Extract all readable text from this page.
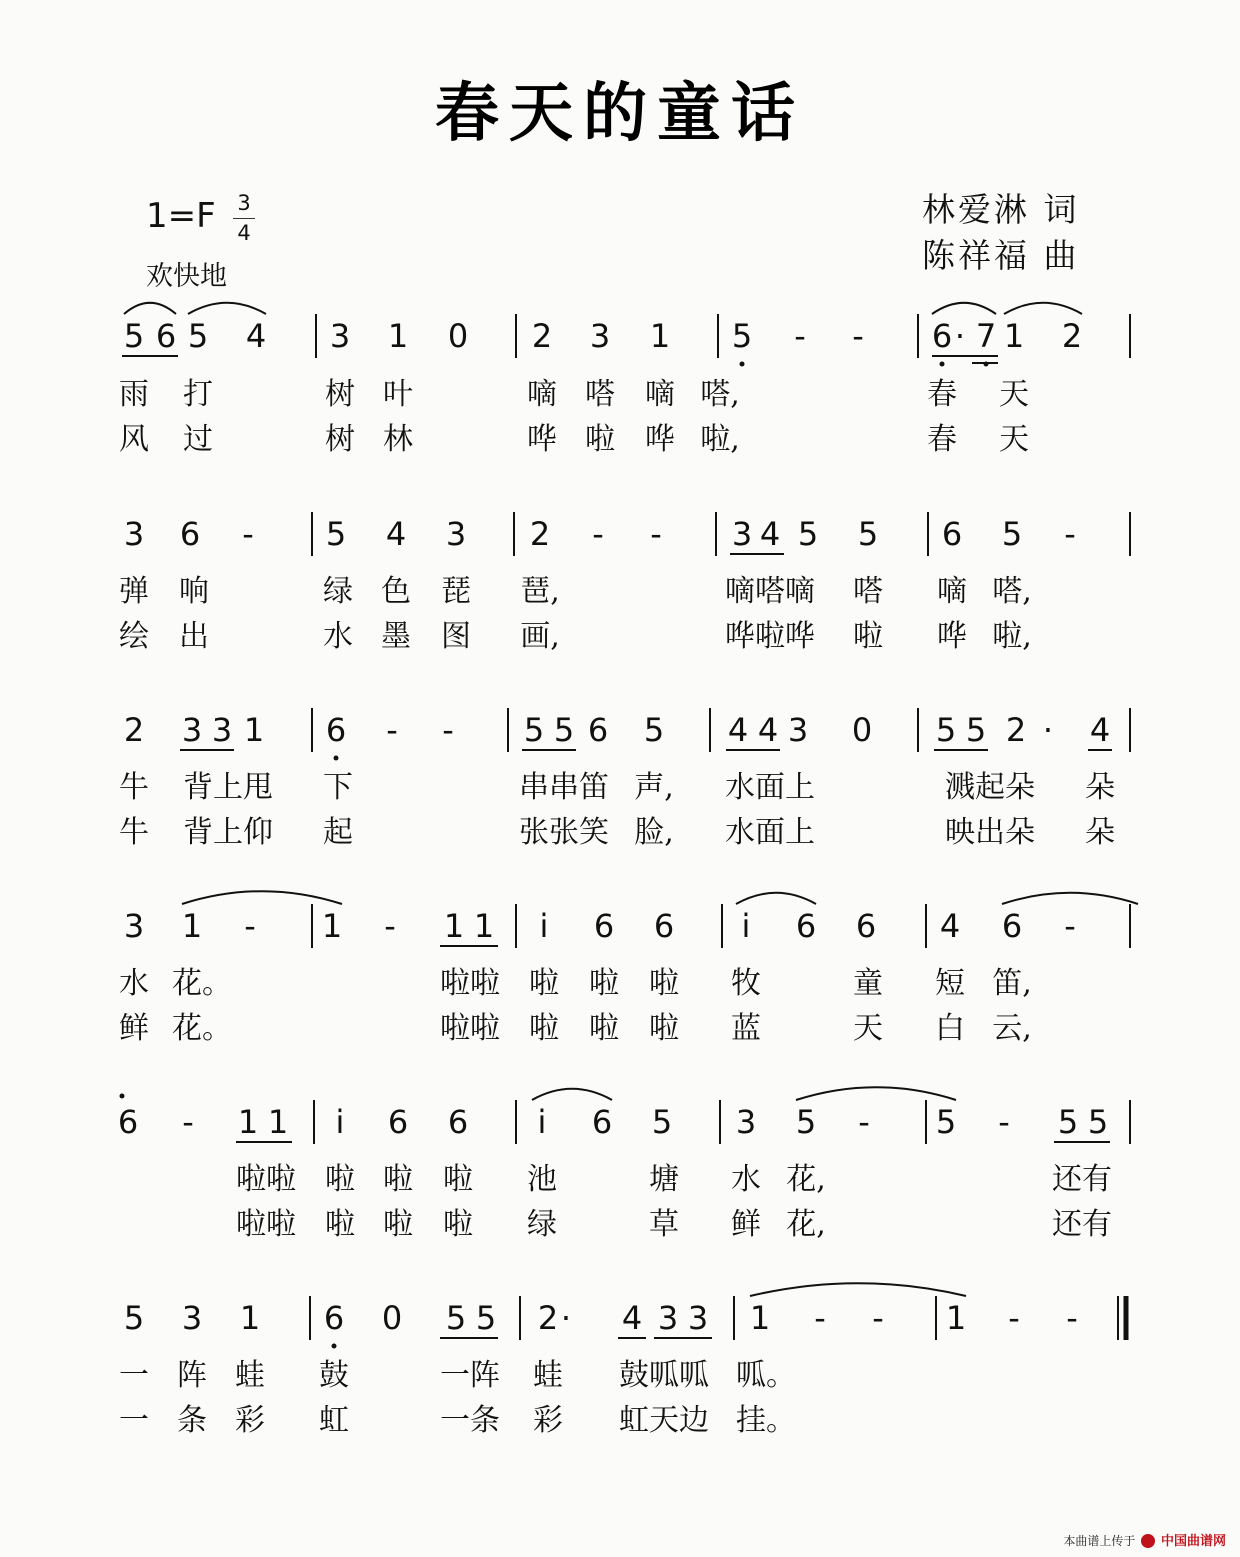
春天的童话
1=F 3
4
欢快地
林爱淋 词
陈祥福 曲
5 6 5 4 3 1 0 2 3 1 5 - - 6 · 7 1 2
雨 打	树 叶	嘀 嗒 嘀 嗒,	春 天
风 过	树 林	哗 啦 哗 啦,	春 天
3 6 - 5 4 3 2 - - 3 4 5 5 6 5 -
弹 响	绿 色 琵 琶,	嘀嗒嘀 嗒 嘀 嗒,
绘 出	水 墨 图 画,	哗啦哗 啦 哗 啦,
2 3 3 1 6 - - 5 5 6 5 4 4 3 0 5 5 2 · 4
牛 背上甩 下	串串笛 声, 水面上	溅起朵 朵
牛 背上仰 起	张张笑 脸, 水面上	映出朵 朵
3 1 - 1 - 1 1 i 6 6 i 6 6 4 6 -
水 花。	啦啦 啦 啦 啦 牧	童 短 笛,
鲜 花。	啦啦 啦 啦 啦 蓝	天 白 云,
6 - 1 1 i 6 6 i 6 5 3 5 - 5 - 5 5
啦啦 啦 啦 啦 池	塘 水 花,	还有
啦啦 啦 啦 啦 绿	草 鲜 花,	还有
5 3 1 6 0 5 5 2 · 4 3 3 1 - - 1 - -
一 阵 蛙 鼓	一阵 蛙 鼓呱呱 呱。
一 条 彩 虹	一条 彩 虹天边 挂。
本曲谱上传于 中国曲谱网
